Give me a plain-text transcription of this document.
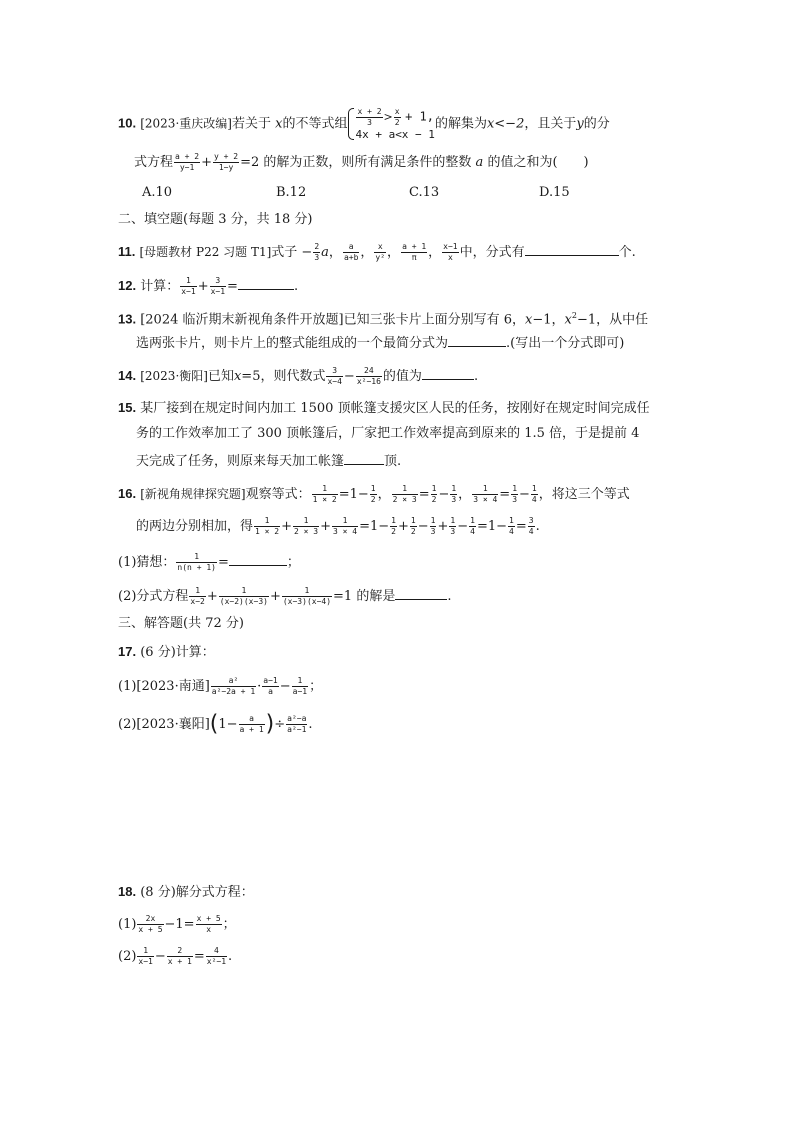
10. [2023·重庆改编]若关于 x的不等式组 $\frac{x + 2}{3} > \frac{x}{2} + 1$,
4x + a<x − 1
的解集为x<−2，且关于y的分
式方程 $\frac{a + 2}{y-1} + \frac{y + 2}{1-y} =2$ 的解为正数，则所有满足条件的整数 a 的值之和为(　　)
A.10	B.12	C.13	D.15
二、填空题(每题 3 分，共 18 分)
11. [母题教材 P22 习题 T1]式子 − $\frac{2}{3}$ a， $\frac{a}{a+b}$ ， $\frac{x}{\text{y²}}$ ， $\frac{a + 1}{\pi}$ ， $\frac{x-1}{x}$ 中，分式有	个.
12. 计算： $\frac{1}{x-1} + \frac{3}{x-1}$ =	.
13. [2024 临沂期末新视角条件开放题]已知三张卡片上面分别写有 6，x−1，$x^2-1$，从中任
选两张卡片，则卡片上的整式能组成的一个最简分式为	.(写出一个分式即可)
14. [2023·衡阳]已知x=5，则代数式 $\frac{3}{x-4} - \frac{24}{\text{x²−16}}$ 的值为	.
15. 某厂接到在规定时间内加工 1500 顶帐篷支援灾区人民的任务，按刚好在规定时间完成任
务的工作效率加工了 300 顶帐篷后，厂家把工作效率提高到原来的 1.5 倍，于是提前 4
天完成了任务，则原来每天加工帐篷	顶.
16. [新视角规律探究题]观察等式： $\frac{1}{1 \times 2} =1- \frac{1}{2}$ ， $\frac{1}{2 \times 3} = \frac{1}{2} - \frac{1}{3}$ ， $\frac{1}{3 \times 4} = \frac{1}{3} - \frac{1}{4}$ ，将这三个等式
的两边分别相加，得 $\frac{1}{1 \times 2} + \frac{1}{2 \times 3} + \frac{1}{3 \times 4} =1- \frac{1}{2} + \frac{1}{2} - \frac{1}{3} + \frac{1}{3} - \frac{1}{4} =1- \frac{1}{4} = \frac{3}{4}$ .
(1)猜想： $\frac{1}{n(n + 1)}$ =	；
(2)分式方程 $\frac{1}{x-2} + \frac{1}{(x-2)(x-3)} + \frac{1}{(x-3)(x-4)} =1$ 的解是	.
三、解答题(共 72 分)
17. (6 分)计算：
(1)[2023·南通] $\frac{\text{a²}}{\text{a²−2a + 1}} \cdot \frac{a-1}{a} - \frac{1}{a-1}$ ；
(2)[2023·襄阳]($1- \frac{a}{a + 1}$ )÷ $\frac{\text{a²−a}}{\text{a²−1}}$ .
18. (8 分)解分式方程：
$(1) \frac{2x}{x + 5} -1= \frac{x + 5}{x}$ ；
$(2) \frac{1}{x-1} - \frac{2}{x + 1} = \frac{4}{\text{x²−1}}$ .
